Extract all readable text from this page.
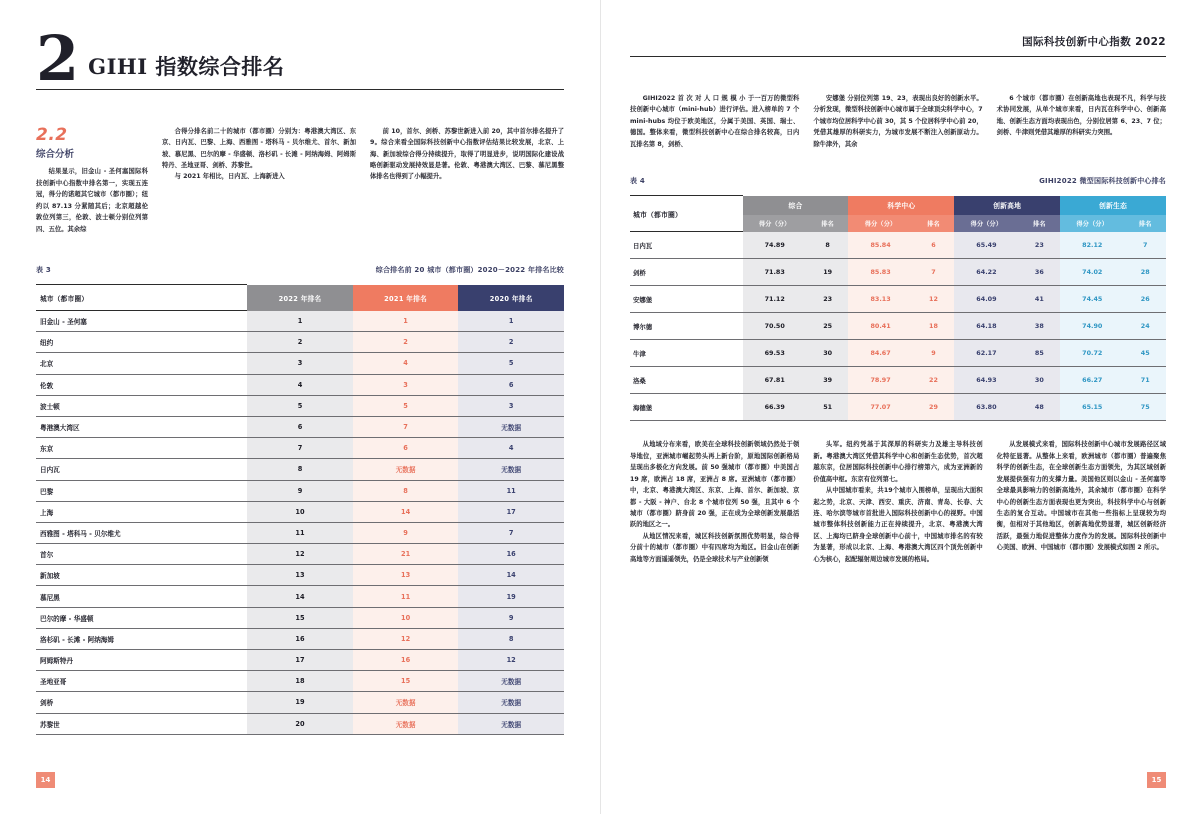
2 GIHI 指数综合排名
2.2
综合分析

结果显示，旧金山 - 圣何塞国际科技创新中心指数中排名第一，实现五连冠，得分的诺超其它城市（都市圈）；纽约以 87.13 分紧随其后；北京超越伦敦位列第三，伦敦、波士顿分别位列第四、五位。其余综

合得分排名前二十的城市（都市圈）分别为：粤港澳大湾区、东京、日内瓦、巴黎、上海、西雅图 - 塔科马 - 贝尔维尤、首尔、新加坡、慕尼黑、巴尔的摩 - 华盛顿、洛杉矶 - 长滩 - 阿纳海姆、阿姆斯特丹、圣地亚哥、剑桥、苏黎世。

与 2021 年相比，日内瓦、上海新进入

前 10，首尔、剑桥、苏黎世新进入前 20，其中首尔排名提升了 9。综合来看全国际科技创新中心指数评估结果比较发展，北京、上海、新加坡综合得分持续提升，取得了明显进步，说明国际化建设战略创新驱动发展持效显是著。伦敦、粤港澳大湾区、巴黎、慕尼黑整体排名也得到了小幅提升。

表 3	综合排名前 20 城市（都市圈）2020－2022 年排名比较
城市（都市圈）	2022 年排名	2021 年排名	2020 年排名
旧金山 - 圣何塞	1	1	1
纽约	2	2	2
北京	3	4	5
伦敦	4	3	6
波士顿	5	5	3
粤港澳大湾区	6	7	无数据
东京	7	6	4
日内瓦	8	无数据	无数据
巴黎	9	8	11
上海	10	14	17
西雅图 - 塔科马 - 贝尔维尤	11	9	7
首尔	12	21	16
新加坡	13	13	14
慕尼黑	14	11	19
巴尔的摩 - 华盛顿	15	10	9
洛杉矶 - 长滩 - 阿纳海姆	16	12	8
阿姆斯特丹	17	16	12
圣地亚哥	18	15	无数据
剑桥	19	无数据	无数据
苏黎世	20	无数据	无数据
14
国际科技创新中心指数 2022

GIHI2022 首 次 对 人 口 规 模 小 于一百万的微型科技创新中心城市（mini-hub）进行评估。进入榜单的 7 个 mini-hubs 均位于欧美地区，分属于美国、英国、瑞士、德国。整体来看，微型科技创新中心在综合排名较高，日内瓦排名第 8，剑桥、

安娜堡 分别位列第 19、23，表现出良好的创新水平。分析发现，微型科技创新中心城市属于全球顶尖科学中心，7 个城市均位居科学中心前 30，其 5 个位居科学中心前 20，凭借其雄厚的科研实力，为城市发展不断注入创新原动力。除牛津外，其余

6 个城市（都市圈）在创新高地也表现不凡，科学与技术协同发展，从单个城市来看，日内瓦在科学中心、创新高地、创新生态方面均表现出色，分别位居第 6、23、7 位；剑桥、牛津则凭借其雄厚的科研实力突围。

表 4	GIHI2022 微型国际科技创新中心排名
城市（都市圈）	综合		科学中心		创新高地		创新生态	
	得分（分）	排名	得分（分）	排名	得分（分）	排名	得分（分）	排名
日内瓦	74.89	8	85.84	6	65.49	23	82.12	7
剑桥	71.83	19	85.83	7	64.22	36	74.02	28
安娜堡	71.12	23	83.13	12	64.09	41	74.45	26
博尔德	70.50	25	80.41	18	64.18	38	74.90	24
牛津	69.53	30	84.67	9	62.17	85	70.72	45
洛桑	67.81	39	78.97	22	64.93	30	66.27	71
海德堡	66.39	51	77.07	29	63.80	48	65.15	75

从地域分布来看，欧美在全球科技创新领域仍然处于领导地位，亚洲城市崛起势头再上新台阶，原地国际创新格局呈现出多极化方向发展。前 50 强城市（都市圈）中美国占 19 席，欧洲占 18 席，亚洲占 8 席。亚洲城市（都市圈）中，北京、粤港澳大湾区、东京、上海、首尔、新加坡、京都 - 大阪 - 神户、台北 8 个城市位列 50 强，且其中 6 个城市（都市圈）跻身前 20 强，正在成为全球创新发展最活跃的地区之一。

从地区情况来看，城区科技创新氛围优势明显，综合得分前十的城市（都市圈）中有四席均为地区。旧金山在创新高地等方面遥遥领先，仍是全球技术与产业创新领

头军。纽约凭基于其深厚的科研实力及雄主导科技创新。粤港澳大湾区凭借其科学中心和创新生态优势，首次超越东京，位居国际科技创新中心排行榜第六，成为亚洲新的价值高中枢。东京有位列第七。

从中国城市看来，共19个城市入围榜单，呈现出大面积起之势，北京、天津、西安、重庆、济南、青岛、长春、大连、哈尔滨等城市首批进入国际科技创新中心的视野。中国城市整体科技创新能力正在持续提升，北京、粤港澳大湾区、上海均已跻身全球创新中心前十，中国城市排名的有较为显著，形成以北京、上海、粤港澳大湾区四个顶先创新中心为核心，起配辐射周边城市发展的格局。

从发展模式来看，国际科技创新中心城市发展路径区域化特征显著。从整体上来看，欧洲城市（都市圈）普遍聚焦科学的创新生态，在全球创新生态方面领先，为其区域创新发展提供强有力的支撑力量。美国他区则以金山 - 圣何塞等全球最具影响力的创新高地外，其余城市（都市圈）在科学中心的创新生态方面表现也更为突出，科技科学中心与创新生态的复合互动。中国城市在其他一些指标上呈现较为均衡，但相对于其他地区，创新高地优势显著，城区创新经济活跃，最强力地促进整体力度作为的发展。国际科技创新中心美国、欧洲、中国城市（都市圈）发展模式如图 2 所示。

15
